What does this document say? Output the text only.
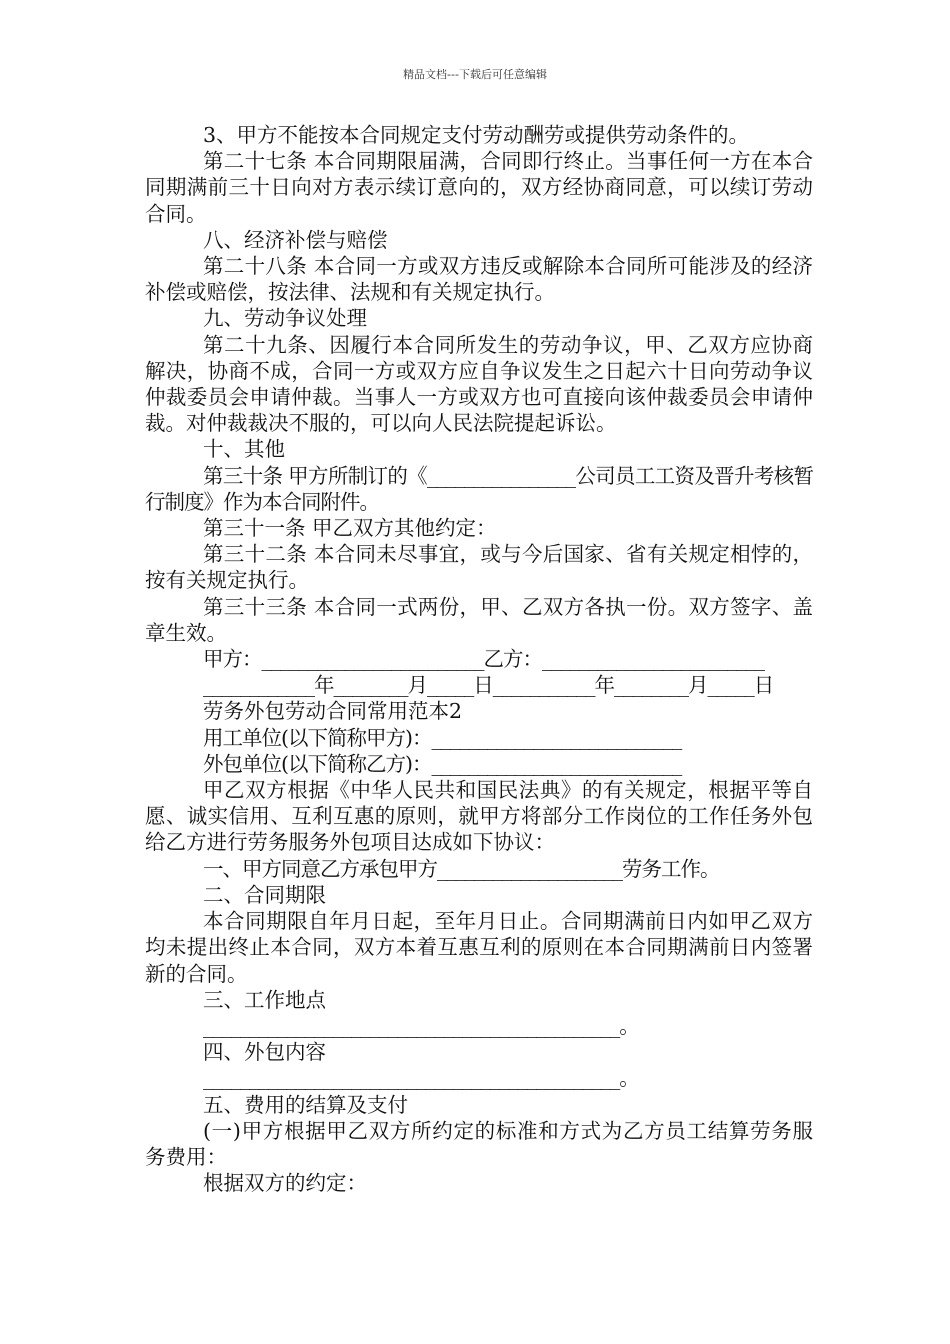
精品文档---下载后可任意编辑

3、甲方不能按本合同规定支付劳动酬劳或提供劳动条件的。

第二十七条 本合同期限届满，合同即行终止。当事任何一方在本合同期满前三十日向对方表示续订意向的，双方经协商同意，可以续订劳动合同。

八、经济补偿与赔偿

第二十八条 本合同一方或双方违反或解除本合同所可能涉及的经济补偿或赔偿，按法律、法规和有关规定执行。

九、劳动争议处理

第二十九条、因履行本合同所发生的劳动争议，甲、乙双方应协商解决，协商不成，合同一方或双方应自争议发生之日起六十日向劳动争议仲裁委员会申请仲裁。当事人一方或双方也可直接向该仲裁委员会申请仲裁。对仲裁裁决不服的，可以向人民法院提起诉讼。

十、其他

第三十条 甲方所制订的《________________公司员工工资及晋升考核暂行制度》作为本合同附件。

第三十一条 甲乙双方其他约定：

第三十二条 本合同未尽事宜，或与今后国家、省有关规定相悖的，按有关规定执行。

第三十三条 本合同一式两份，甲、乙双方各执一份。双方签字、盖章生效。

甲方：________________________乙方：________________________

____________年________月_____日___________年________月_____日

劳务外包劳动合同常用范本2

用工单位(以下简称甲方)：___________________________

外包单位(以下简称乙方)：___________________________

甲乙双方根据《中华人民共和国民法典》的有关规定，根据平等自愿、诚实信用、互利互惠的原则，就甲方将部分工作岗位的工作任务外包给乙方进行劳务服务外包项目达成如下协议：

一、甲方同意乙方承包甲方____________________劳务工作。

二、合同期限

本合同期限自年月日起，至年月日止。合同期满前日内如甲乙双方均未提出终止本合同，双方本着互惠互利的原则在本合同期满前日内签署新的合同。

三、工作地点

_____________________________________________。

四、外包内容

_____________________________________________。

五、费用的结算及支付

(一)甲方根据甲乙双方所约定的标准和方式为乙方员工结算劳务服务费用：

根据双方的约定：
